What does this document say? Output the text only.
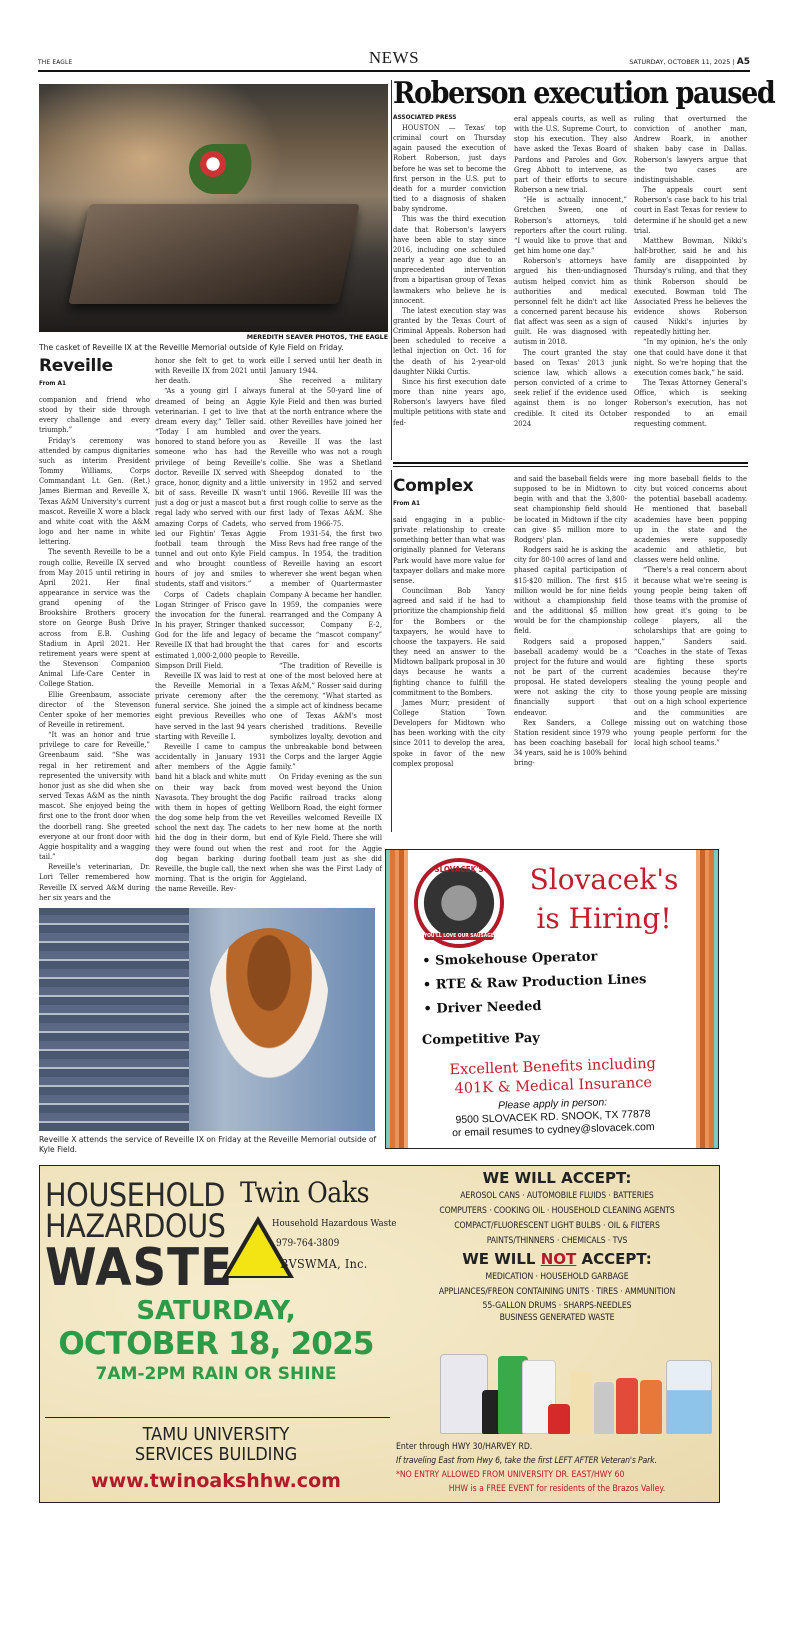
THE EAGLE	NEWS	SATURDAY, OCTOBER 11, 2025 | A5
MEREDITH SEAVER PHOTOS, THE EAGLE
The casket of Reveille IX at the Reveille Memorial outside of Kyle Field on Friday.
Roberson execution paused
ASSOCIATED PRESS

HOUSTON — Texas' top criminal court on Thursday again paused the execution of Robert Roberson, just days before he was set to become the first person in the U.S. put to death for a murder conviction tied to a diagnosis of shaken baby syndrome.

This was the third execution date that Roberson's lawyers have been able to stay since 2016, including one scheduled nearly a year ago due to an unprecedented intervention from a bipartisan group of Texas lawmakers who believe he is innocent.

The latest execution stay was granted by the Texas Court of Criminal Appeals. Roberson had been scheduled to receive a lethal injection on Oct. 16 for the death of his 2-year-old daughter Nikki Curtis.

Since his first execution date more than nine years ago, Roberson's lawyers have filed multiple petitions with state and fed-

eral appeals courts, as well as with the U.S. Supreme Court, to stop his execution. They also have asked the Texas Board of Pardons and Paroles and Gov. Greg Abbott to intervene, as part of their efforts to secure Roberson a new trial.

“He is actually innocent,” Gretchen Sween, one of Roberson's attorneys, told reporters after the court ruling. “I would like to prove that and get him home one day.”

Roberson's attorneys have argued his then-undiagnosed autism helped convict him as authorities and medical personnel felt he didn't act like a concerned parent because his flat affect was seen as a sign of guilt. He was diagnosed with autism in 2018.

The court granted the stay based on Texas' 2013 junk science law, which allows a person convicted of a crime to seek relief if the evidence used against them is no longer credible. It cited its October 2024

ruling that overturned the conviction of another man, Andrew Roark, in another shaken baby case in Dallas. Roberson's lawyers argue that the two cases are indistinguishable.

The appeals court sent Roberson's case back to his trial court in East Texas for review to determine if he should get a new trial.

Matthew Bowman, Nikki's half-brother, said he and his family are disappointed by Thursday's ruling, and that they think Roberson should be executed. Bowman told The Associated Press he believes the evidence shows Roberson caused Nikki's injuries by repeatedly hitting her.

“In my opinion, he's the only one that could have done it that night. So we're hoping that the execution comes back,” he said.

The Texas Attorney General's Office, which is seeking Roberson's execution, has not responded to an email requesting comment.

Reveille
From A1

companion and friend who stood by their side through every challenge and every triumph.”

Friday's ceremony was attended by campus dignitaries such as interim President Tommy Williams, Corps Commandant Lt. Gen. (Ret.) James Bierman and Reveille X, Texas A&M University's current mascot. Reveille X wore a black and white coat with the A&M logo and her name in white lettering.

The seventh Reveille to be a rough collie, Reveille IX served from May 2015 until retiring in April 2021. Her final appearance in service was the grand opening of the Brookshire Brothers grocery store on George Bush Drive across from E.B. Cushing Stadium in April 2021. Her retirement years were spent at the Stevenson Companion Animal Life-Care Center in College Station.

Ellie Greenbaum, associate director of the Stevenson Center spoke of her memories of Reveille in retirement.

“It was an honor and true privilege to care for Reveille,” Greenbaum said. “She was regal in her retirement and represented the university with honor just as she did when she served Texas A&M as the ninth mascot. She enjoyed being the first one to the front door when the doorbell rang. She greeted everyone at our front door with Aggie hospitality and a wagging tail.”

Reveille's veterinarian, Dr. Lori Teller remembered how Reveille IX served A&M during her six years and the

honor she felt to get to work with Reveille IX from 2021 until her death.

“As a young girl I always dreamed of being an Aggie veterinarian. I get to live that dream every day,” Teller said. “Today I am humbled and honored to stand before you as someone who has had the privilege of being Reveille's doctor. Reveille IX served with grace, honor, dignity and a little bit of sass. Reveille IX wasn't just a dog or just a mascot but a regal lady who served with our amazing Corps of Cadets, who led our Fightin' Texas Aggie football team through the tunnel and out onto Kyle Field and who brought countless hours of joy and smiles to students, staff and visitors.”

Corps of Cadets chaplain Logan Stringer of Frisco gave the invocation for the funeral. In his prayer, Stringer thanked God for the life and legacy of Reveille IX that had brought the estimated 1,000-2,000 people to Simpson Drill Field.

Reveille IX was laid to rest at the Reveille Memorial in a private ceremony after the funeral service. She joined the eight previous Reveilles who have served in the last 94 years starting with Reveille I.

Reveille I came to campus accidentally in January 1931 after members of the Aggie band hit a black and white mutt on their way back from Navasota. They brought the dog with them in hopes of getting the dog some help from the vet school the next day. The cadets hid the dog in their dorm, but they were found out when the dog began barking during Reveille, the bugle call, the next morning. That is the origin for the name Reveille. Rev-

eille I served until her death in January 1944.

She received a military funeral at the 50-yard line of Kyle Field and then was buried at the north entrance where the other Reveilles have joined her over the years.

Reveille II was the last Reveille who was not a rough collie. She was a Shetland Sheepdog donated to the university in 1952 and served until 1966. Reveille III was the first rough collie to serve as the first lady of Texas A&M. She served from 1966-75.

From 1931-54, the first two Miss Revs had free range of the campus. In 1954, the tradition of Reveille having an escort wherever she went began when a member of Quartermaster Company A became her handler. In 1959, the companies were rearranged and the Company A successor, Company E-2, became the “mascot company” that cares for and escorts Reveille.

“The tradition of Reveille is one of the most beloved here at Texas A&M,” Rosser said during the ceremony. “What started as a simple act of kindness became one of Texas A&M's most cherished traditions. Reveille symbolizes loyalty, devotion and the unbreakable bond between the Corps and the larger Aggie family.”

On Friday evening as the sun moved west beyond the Union Pacific railroad tracks along Wellborn Road, the eight former Reveilles welcomed Reveille IX to her new home at the north end of Kyle Field. There she will rest and root for the Aggie football team just as she did when she was the First Lady of Aggieland.

Complex
From A1

said engaging in a public-private relationship to create something better than what was originally planned for Veterans Park would have more value for taxpayer dollars and make more sense.

Councilman Bob Yancy agreed and said if he had to prioritize the championship field for the Bombers or the taxpayers, he would have to choose the taxpayers. He said they need an answer to the Midtown ballpark proposal in 30 days because he wants a fighting chance to fulfill the commitment to the Bombers.

James Murr, president of College Station Town Developers for Midtown who has been working with the city since 2011 to develop the area, spoke in favor of the new complex proposal

and said the baseball fields were supposed to be in Midtown to begin with and that the 3,800-seat championship field should be located in Midtown if the city can give $5 million more to Rodgers' plan.

Rodgers said he is asking the city for 80-100 acres of land and phased capital participation of $15-$20 million. The first $15 million would be for nine fields without a championship field and the additional $5 million would be for the championship field.

Rodgers said a proposed baseball academy would be a project for the future and would not be part of the current proposal. He stated developers were not asking the city to financially support that endeavor.

Rex Sanders, a College Station resident since 1979 who has been coaching baseball for 34 years, said he is 100% behind bring-

ing more baseball fields to the city but voiced concerns about the potential baseball academy. He mentioned that baseball academies have been popping up in the state and the academies were supposedly academic and athletic, but classes were held online.

“There's a real concern about it because what we're seeing is young people being taken off those teams with the promise of how great it's going to be college players, all the scholarships that are going to happen,” Sanders said. “Coaches in the state of Texas are fighting these sports academies because they're stealing the young people and those young people are missing out on a high school experience and the communities are missing out on watching those young people perform for the local high school teams.”

Reveille X attends the service of Reveille IX on Friday at the Reveille Memorial outside of Kyle Field.
SLOVACEK'S
YOU'LL LOVE OUR SAUSAGE
Slovacek's
is Hiring!
• Smokehouse Operator
• RTE & Raw Production Lines
• Driver Needed
Competitive Pay
Excellent Benefits including
401K & Medical Insurance
Please apply in person:
9500 SLOVACEK RD. SNOOK, TX 77878
or email resumes to cydney@slovacek.com
HOUSEHOLD
HAZARDOUS
WASTE
Twin Oaks
Household Hazardous Waste
979-764-3809
BVSWMA, Inc.
SATURDAY,
OCTOBER 18, 2025
7AM-2PM RAIN OR SHINE
TAMU UNIVERSITY
SERVICES BUILDING
www.twinoakshhw.com
WE WILL ACCEPT:
AEROSOL CANS · AUTOMOBILE FLUIDS · BATTERIES
COMPUTERS · COOKING OIL · HOUSEHOLD CLEANING AGENTS
COMPACT/FLUORESCENT LIGHT BULBS · OIL & FILTERS
PAINTS/THINNERS · CHEMICALS · TVS
WE WILL NOT ACCEPT:
MEDICATION · HOUSEHOLD GARBAGE
APPLIANCES/FREON CONTAINING UNITS · TIRES · AMMUNITION
55-GALLON DRUMS · SHARPS-NEEDLES
BUSINESS GENERATED WASTE
Enter through HWY 30/HARVEY RD.
If traveling East from Hwy 6, take the first LEFT AFTER Veteran's Park.
*NO ENTRY ALLOWED FROM UNIVERSITY DR. EAST/HWY 60
HHW is a FREE EVENT for residents of the Brazos Valley.
